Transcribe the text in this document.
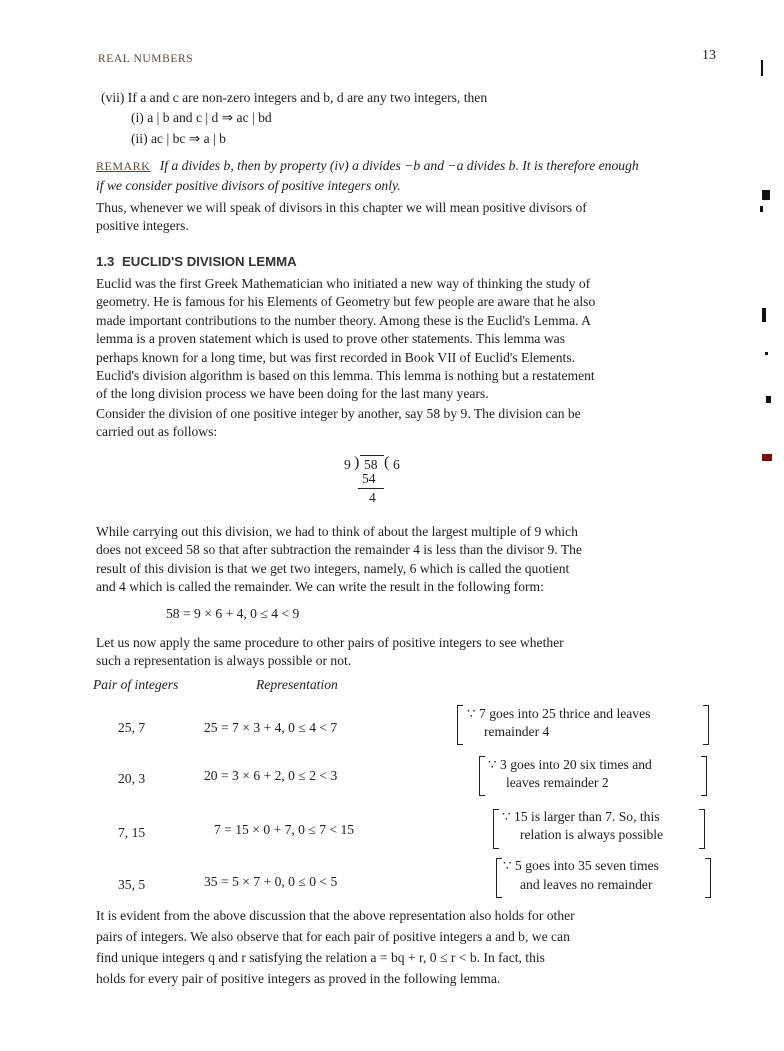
REAL NUMBERS	13
(vii) If a and c are non-zero integers and b, d are any two integers, then
(i) a | b and c | d ⇒ ac | bd
(ii) ac | bc ⇒ a | b
REMARK If a divides b, then by property (iv) a divides −b and −a divides b. It is therefore enough
if we consider positive divisors of positive integers only.
Thus, whenever we will speak of divisors in this chapter we will mean positive divisors of
positive integers.
1.3 EUCLID'S DIVISION LEMMA
Euclid was the first Greek Mathematician who initiated a new way of thinking the study of
geometry. He is famous for his Elements of Geometry but few people are aware that he also
made important contributions to the number theory. Among these is the Euclid's Lemma. A
lemma is a proven statement which is used to prove other statements. This lemma was
perhaps known for a long time, but was first recorded in Book VII of Euclid's Elements.
Euclid's division algorithm is based on this lemma. This lemma is nothing but a restatement
of the long division process we have been doing for the last many years.
Consider the division of one positive integer by another, say 58 by 9. The division can be
carried out as follows:
9 ) 58 ( 6
54
4
While carrying out this division, we had to think of about the largest multiple of 9 which
does not exceed 58 so that after subtraction the remainder 4 is less than the divisor 9. The
result of this division is that we get two integers, namely, 6 which is called the quotient
and 4 which is called the remainder. We can write the result in the following form:
58 = 9 × 6 + 4, 0 ≤ 4 < 9
Let us now apply the same procedure to other pairs of positive integers to see whether
such a representation is always possible or not.
Pair of integers	Representation
25, 7	25 = 7 × 3 + 4, 0 ≤ 4 < 7
∵ 7 goes into 25 thrice and leaves
remainder 4
20, 3	20 = 3 × 6 + 2, 0 ≤ 2 < 3
∵ 3 goes into 20 six times and
leaves remainder 2
7, 15	7 = 15 × 0 + 7, 0 ≤ 7 < 15
∵ 15 is larger than 7. So, this
relation is always possible
35, 5	35 = 5 × 7 + 0, 0 ≤ 0 < 5
∵ 5 goes into 35 seven times
and leaves no remainder
It is evident from the above discussion that the above representation also holds for other
pairs of integers. We also observe that for each pair of positive integers a and b, we can
find unique integers q and r satisfying the relation a = bq + r, 0 ≤ r < b. In fact, this
holds for every pair of positive integers as proved in the following lemma.
